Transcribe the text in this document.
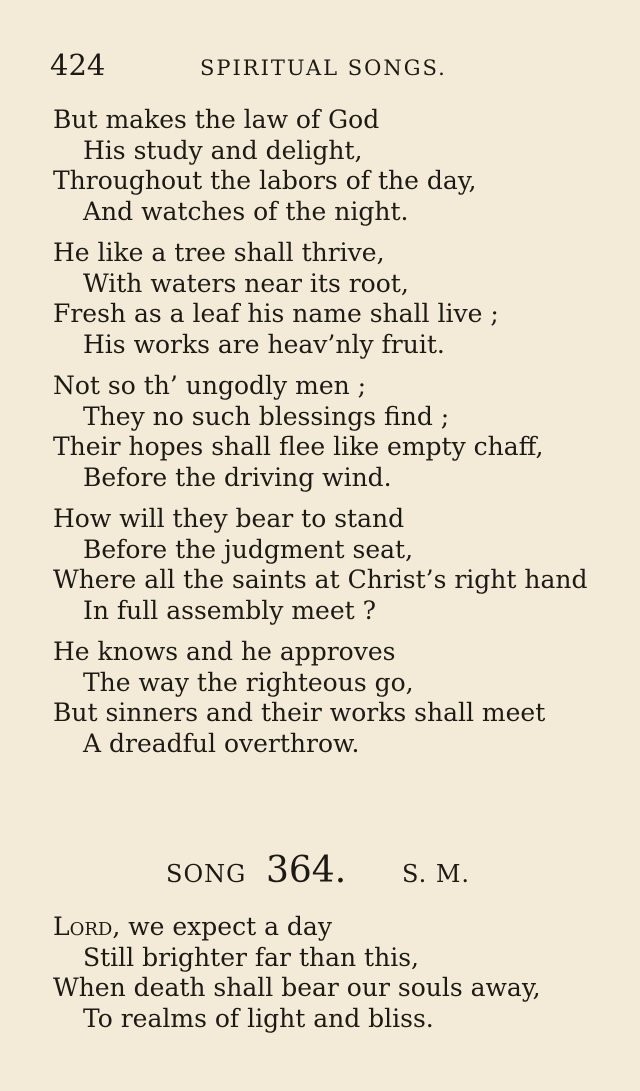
424	SPIRITUAL SONGS.
But makes the law of God
His study and delight,
Throughout the labors of the day,
And watches of the night.
He like a tree shall thrive,
With waters near its root,
Fresh as a leaf his name shall live ;
His works are heav’nly fruit.
Not so th’ ungodly men ;
They no such blessings find ;
Their hopes shall flee like empty chaff,
Before the driving wind.
How will they bear to stand
Before the judgment seat,
Where all the saints at Christ’s right hand
In full assembly meet ?
He knows and he approves
The way the righteous go,
But sinners and their works shall meet
A dreadful overthrow.
SONG 364. S. M.
Lord, we expect a day
Still brighter far than this,
When death shall bear our souls away,
To realms of light and bliss.
